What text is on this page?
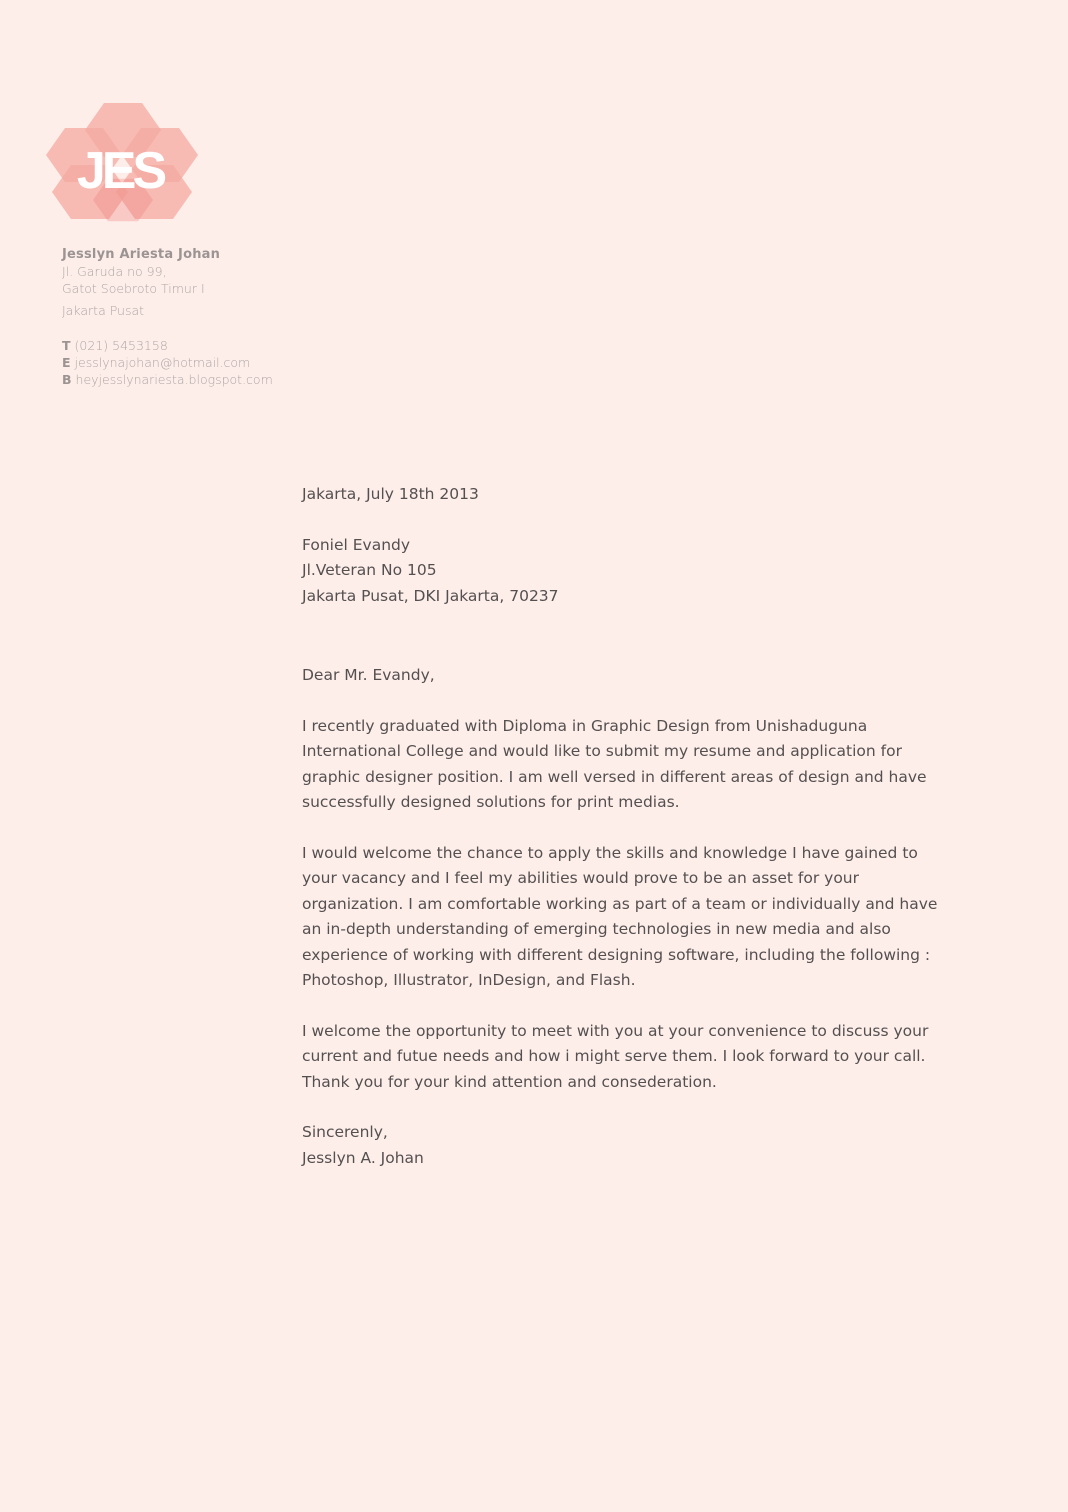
JES
Jesslyn Ariesta Johan
Jl. Garuda no 99,
Gatot Soebroto Timur I
Jakarta Pusat
T (021) 5453158
E jesslynajohan@hotmail.com
B heyjesslynariesta.blogspot.com

Jakarta, July 18th 2013

Foniel Evandy

Jl.Veteran No 105

Jakarta Pusat, DKI Jakarta, 70237

Dear Mr. Evandy,

I recently graduated with Diploma in Graphic Design from Unishaduguna International College and would like to submit my resume and application for graphic designer position. I am well versed in different areas of design and have successfully designed solutions for print medias.

I would welcome the chance to apply the skills and knowledge I have gained to your vacancy and I feel my abilities would prove to be an asset for your organization. I am comfortable working as part of a team or individually and have an in-depth understanding of emerging technologies in new media and also experience of working with different designing software, including the following : Photoshop, Illustrator, InDesign, and Flash.

I welcome the opportunity to meet with you at your convenience to discuss your current and futue needs and how i might serve them. I look forward to your call. Thank you for your kind attention and consederation.

Sincerenly,

Jesslyn A. Johan
